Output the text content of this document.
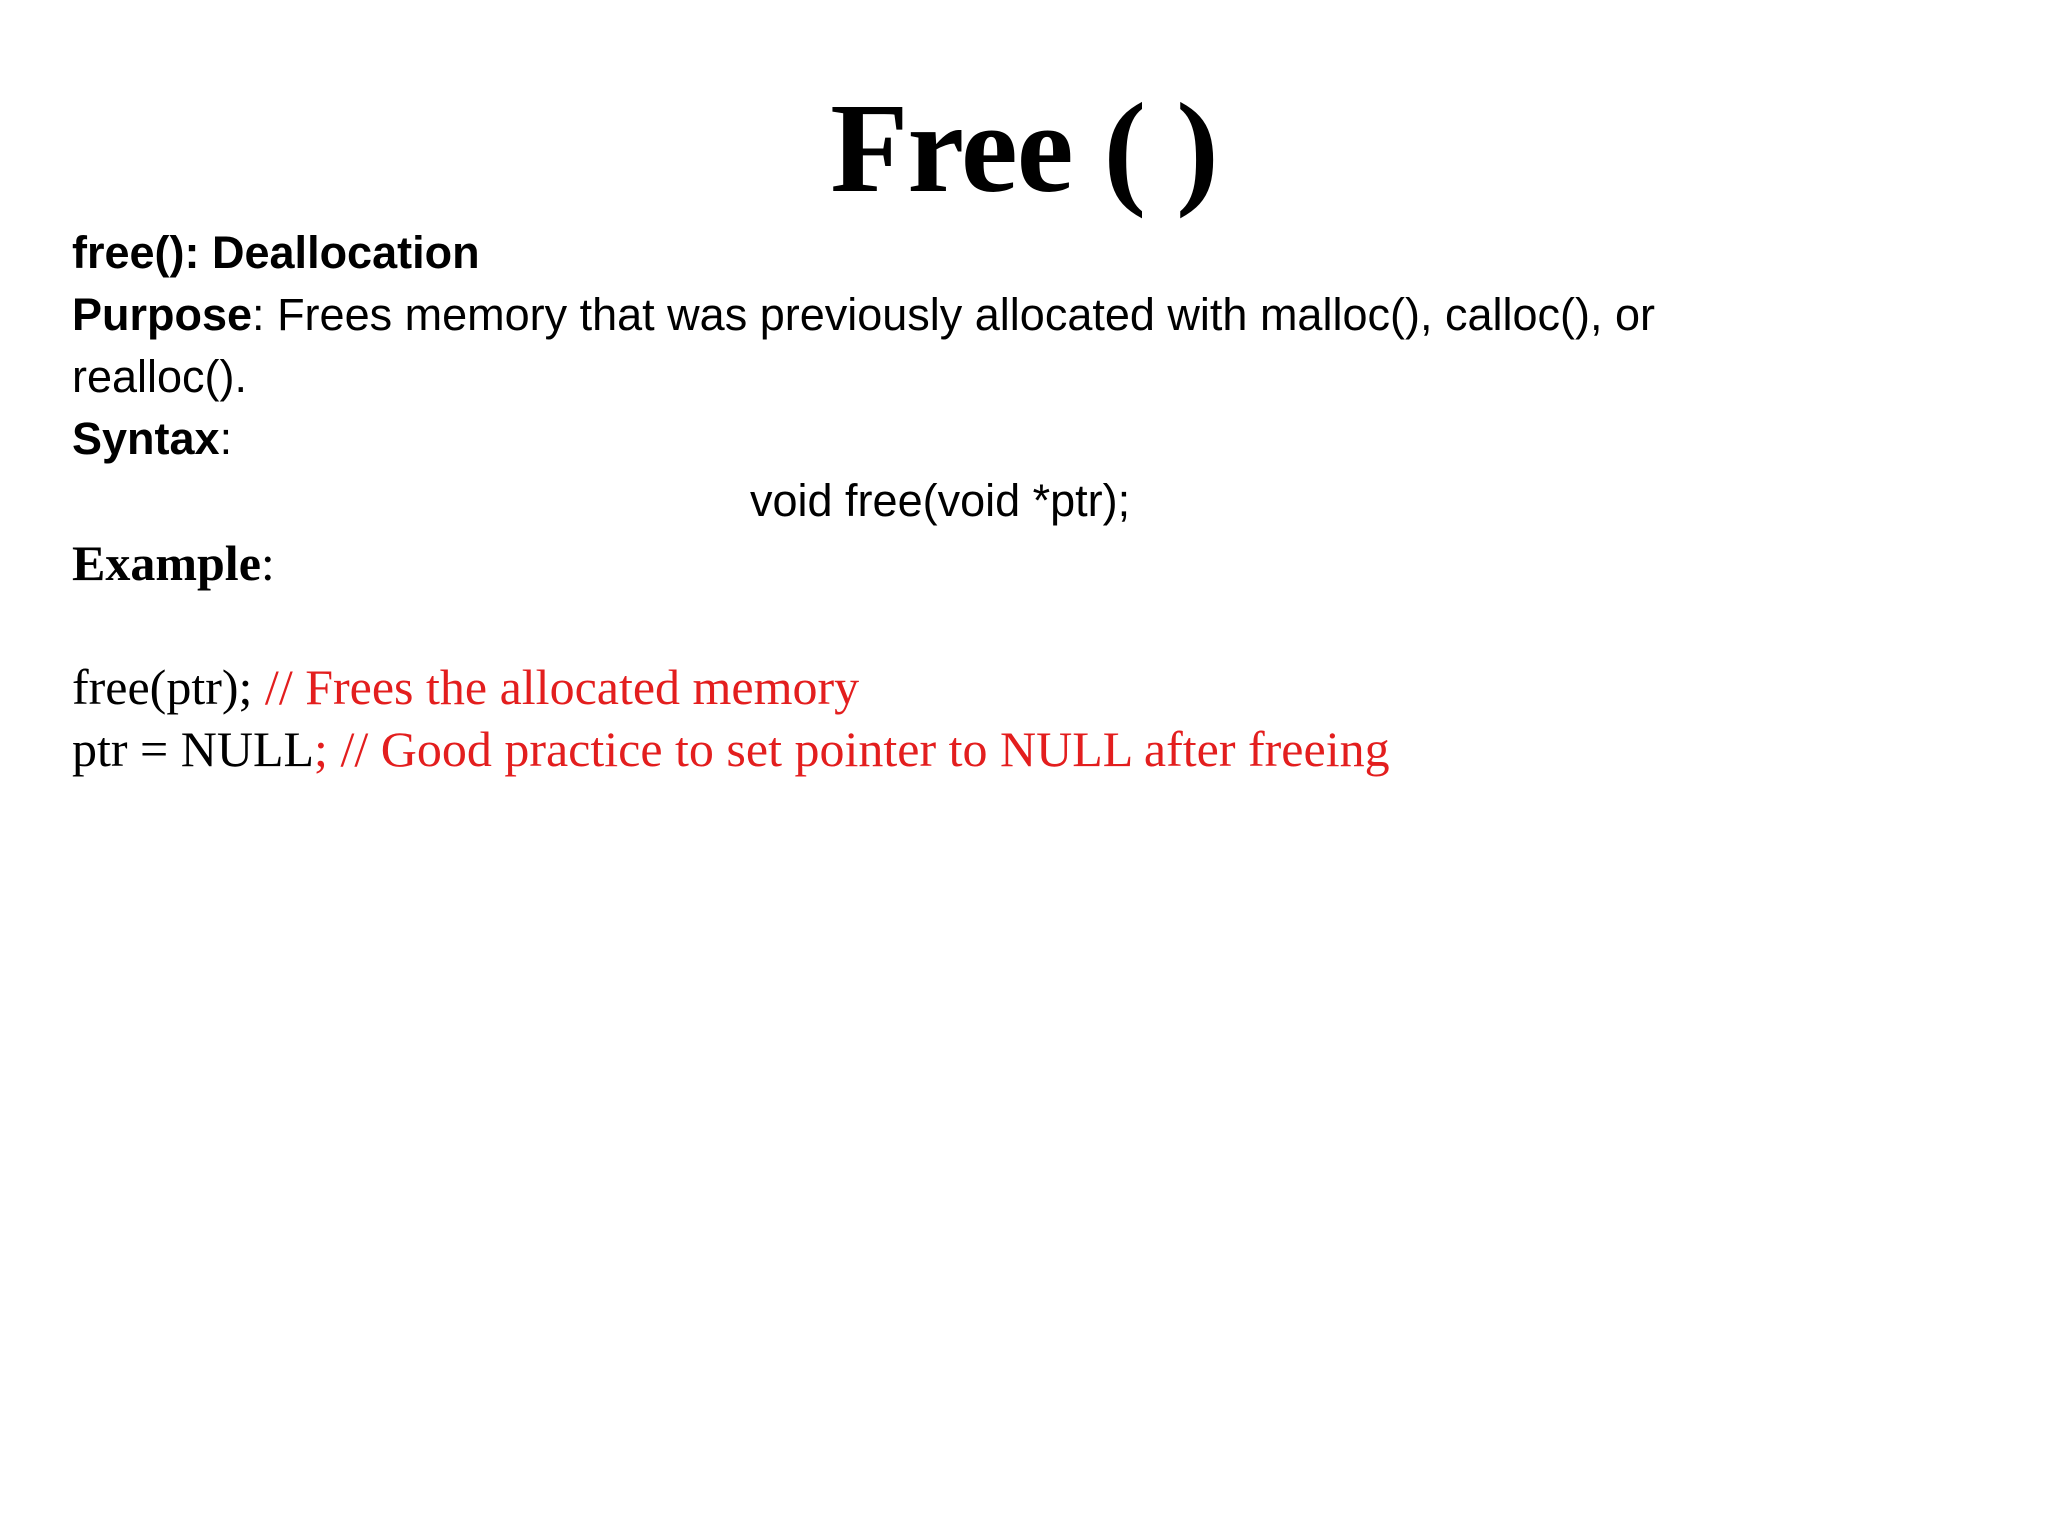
Free ( )
free(): Deallocation
Purpose: Frees memory that was previously allocated with malloc(), calloc(), or realloc().
Syntax:
void free(void *ptr);
Example:
free(ptr); // Frees the allocated memory
ptr = NULL; // Good practice to set pointer to NULL after freeing
